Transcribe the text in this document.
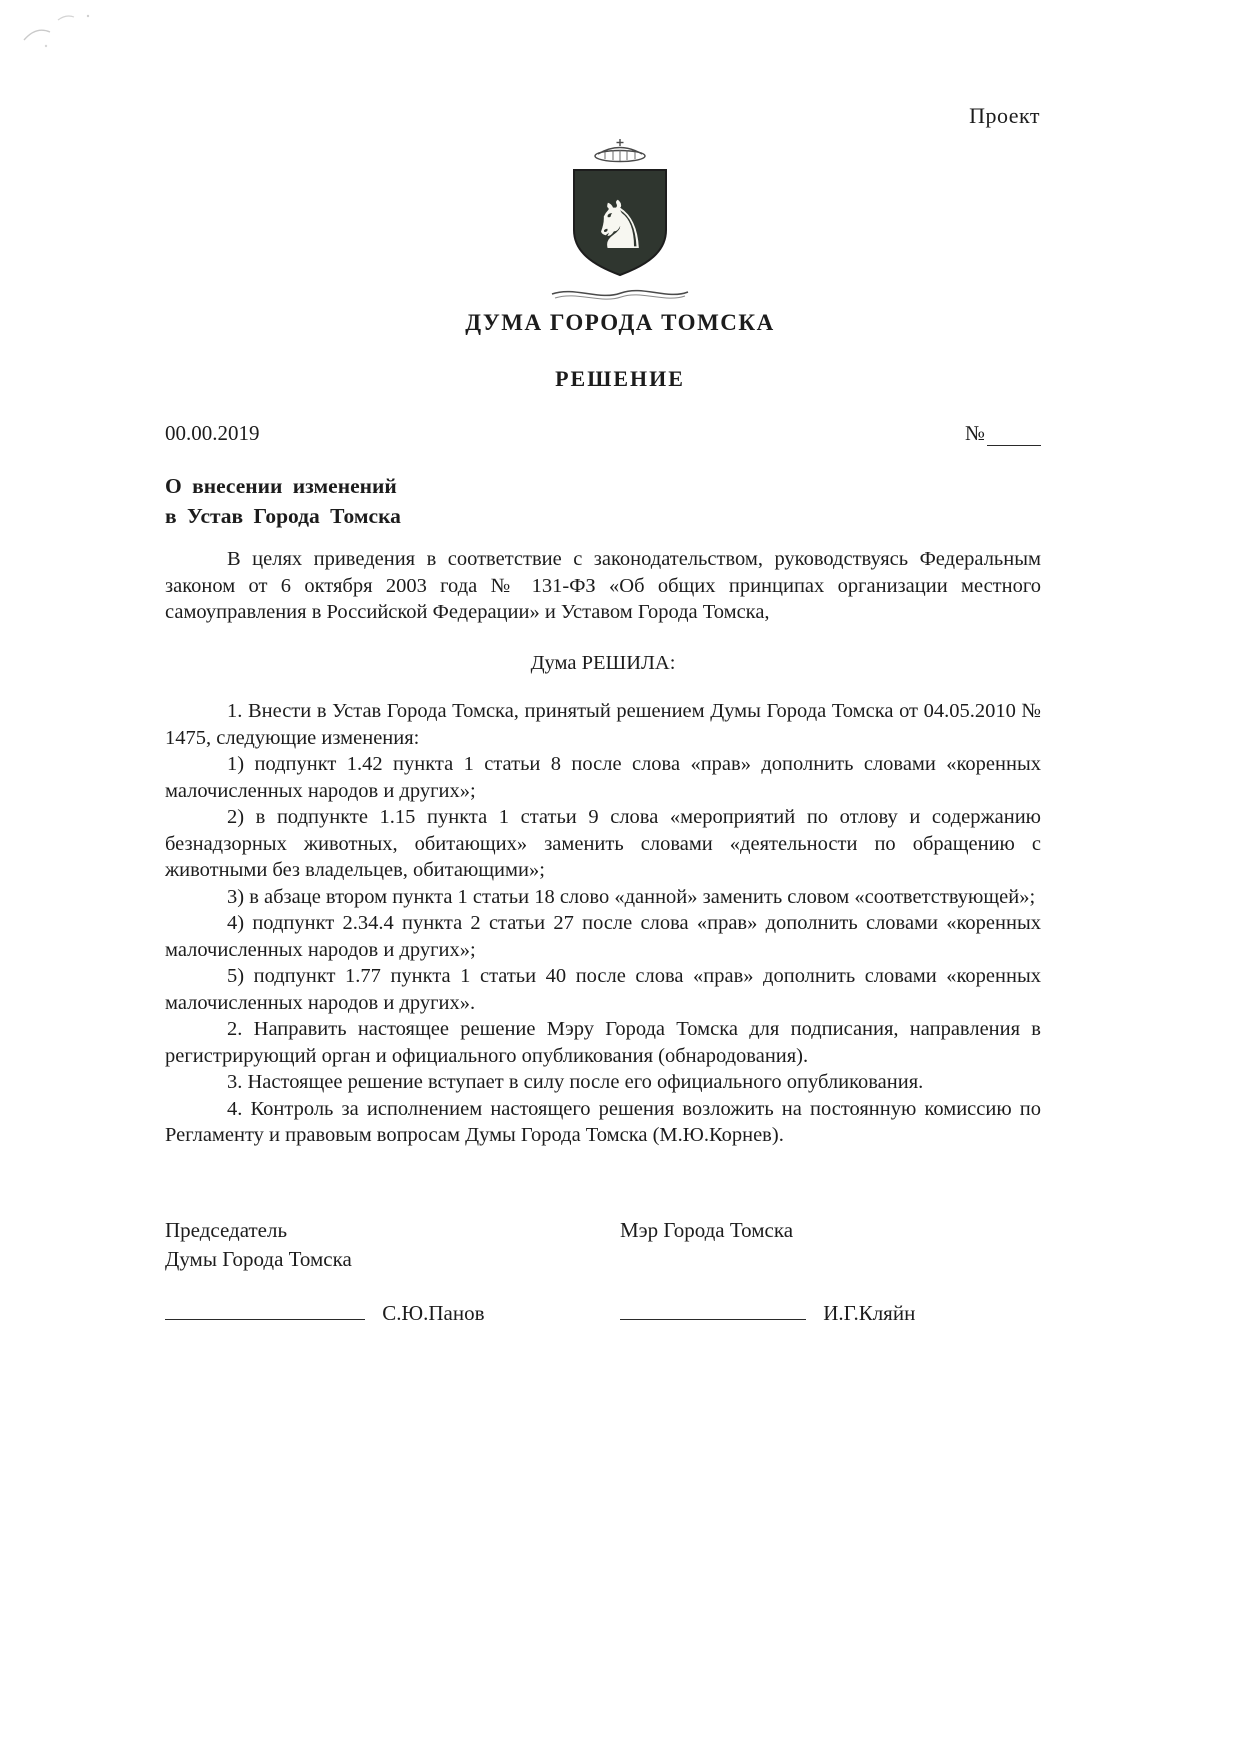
Проект
♞
ДУМА ГОРОДА ТОМСКА
РЕШЕНИЕ
00.00.2019	№
О внесении изменений
в Устав Города Томска

В целях приведения в соответствие с законодательством, руководствуясь Федеральным законом от 6 октября 2003 года № 131-ФЗ «Об общих принципах организации местного самоуправления в Российской Федерации» и Уставом Города Томска,

Дума РЕШИЛА:

1. Внести в Устав Города Томска, принятый решением Думы Города Томска от 04.05.2010 № 1475, следующие изменения:

1) подпункт 1.42 пункта 1 статьи 8 после слова «прав» дополнить словами «коренных малочисленных народов и других»;

2) в подпункте 1.15 пункта 1 статьи 9 слова «мероприятий по отлову и содержанию безнадзорных животных, обитающих» заменить словами «деятельности по обращению с животными без владельцев, обитающими»;

3) в абзаце втором пункта 1 статьи 18 слово «данной» заменить словом «соответствующей»;

4) подпункт 2.34.4 пункта 2 статьи 27 после слова «прав» дополнить словами «коренных малочисленных народов и других»;

5) подпункт 1.77 пункта 1 статьи 40 после слова «прав» дополнить словами «коренных малочисленных народов и других».

2. Направить настоящее решение Мэру Города Томска для подписания, направления в регистрирующий орган и официального опубликования (обнародования).

3. Настоящее решение вступает в силу после его официального опубликования.

4. Контроль за исполнением настоящего решения возложить на постоянную комиссию по Регламенту и правовым вопросам Думы Города Томска (М.Ю.Корнев).

Председатель
Думы Города Томска
Мэр Города Томска
С.Ю.Панов	И.Г.Кляйн
